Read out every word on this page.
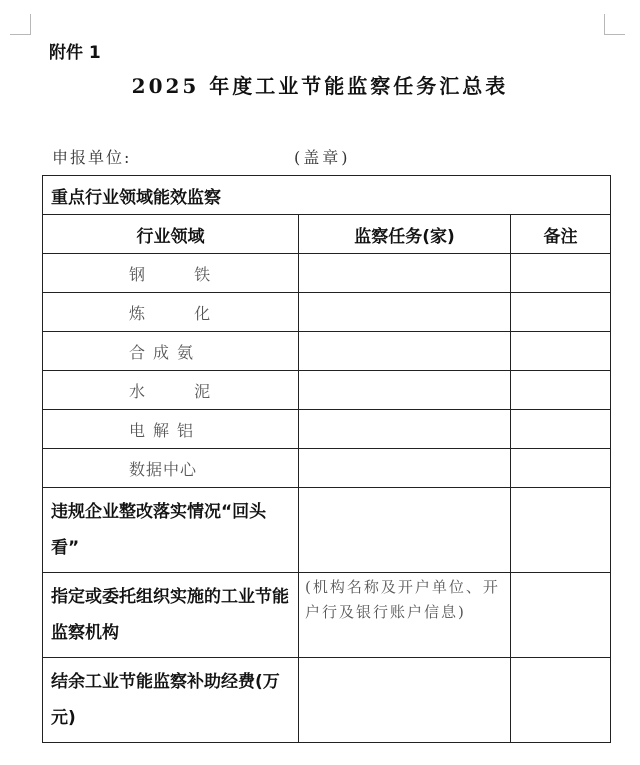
附件 1
2025 年度工业节能监察任务汇总表
申报单位:	(盖章)
重点行业领域能效监察		
行业领域	监察任务(家)	备注
钢 铁		
炼 化		
合成氨		
水 泥		
电解铝		
数据中心		
违规企业整改落实情况“回头看”		
指定或委托组织实施的工业节能监察机构	(机构名称及开户单位、开户行及银行账户信息)	
结余工业节能监察补助经费(万元)		
